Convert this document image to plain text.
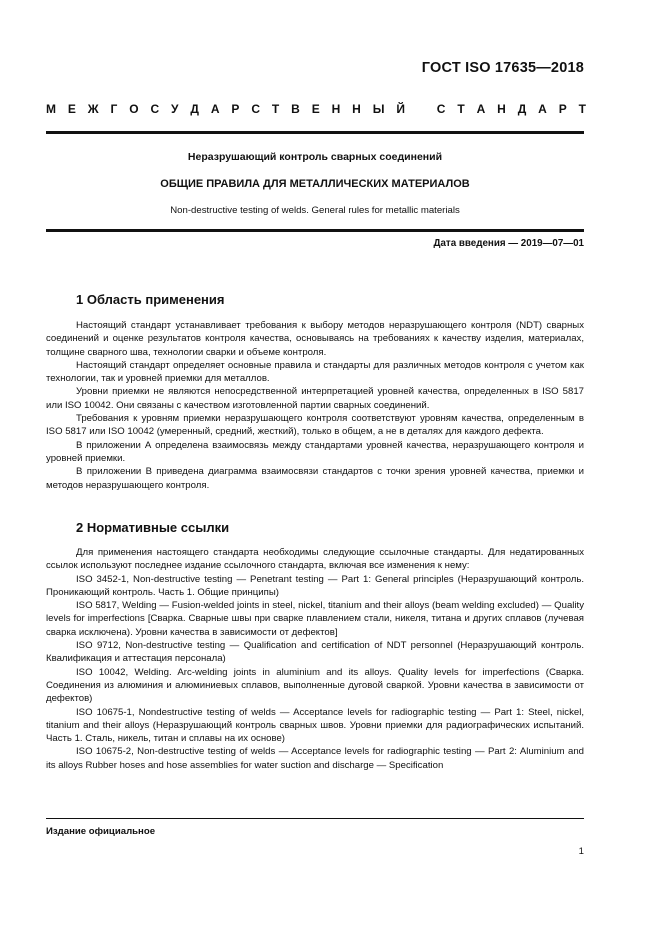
ГОСТ ISO 17635—2018
М Е Ж Г О С У Д А Р С Т В Е Н Н Ы Й	С Т А Н Д А Р Т
Неразрушающий контроль сварных соединений
ОБЩИЕ ПРАВИЛА ДЛЯ МЕТАЛЛИЧЕСКИХ МАТЕРИАЛОВ
Non-destructive testing of welds. General rules for metallic materials
Дата введения — 2019—07—01
1 Область применения

Настоящий стандарт устанавливает требования к выбору методов неразрушающего контроля (NDT) сварных соединений и оценке результатов контроля качества, основываясь на требованиях к качеству изделия, материалах, толщине сварного шва, технологии сварки и объеме контроля.

Настоящий стандарт определяет основные правила и стандарты для различных методов контроля с учетом как технологии, так и уровней приемки для металлов.

Уровни приемки не являются непосредственной интерпретацией уровней качества, определенных в ISO 5817 или ISO 10042. Они связаны с качеством изготовленной партии сварных соединений.

Требования к уровням приемки неразрушающего контроля соответствуют уровням качества, определенным в ISO 5817 или ISO 10042 (умеренный, средний, жесткий), только в общем, а не в деталях для каждого дефекта.

В приложении А определена взаимосвязь между стандартами уровней качества, неразрушающего контроля и уровней приемки.

В приложении В приведена диаграмма взаимосвязи стандартов с точки зрения уровней качества, приемки и методов неразрушающего контроля.

2 Нормативные ссылки

Для применения настоящего стандарта необходимы следующие ссылочные стандарты. Для недатированных ссылок используют последнее издание ссылочного стандарта, включая все изменения к нему:

ISO 3452-1, Non-destructive testing — Penetrant testing — Part 1: General principles (Неразрушающий контроль. Проникающий контроль. Часть 1. Общие принципы)

ISO 5817, Welding — Fusion-welded joints in steel, nickel, titanium and their alloys (beam welding excluded) — Quality levels for imperfections [Сварка. Сварные швы при сварке плавлением стали, никеля, титана и других сплавов (лучевая сварка исключена). Уровни качества в зависимости от дефектов]

ISO 9712, Non-destructive testing — Qualification and certification of NDT personnel (Неразрушающий контроль. Квалификация и аттестация персонала)

ISO 10042, Welding. Arc-welding joints in aluminium and its alloys. Quality levels for imperfections (Сварка. Соединения из алюминия и алюминиевых сплавов, выполненные дуговой сваркой. Уровни качества в зависимости от дефектов)

ISO 10675-1, Nondestructive testing of welds — Acceptance levels for radiographic testing — Part 1: Steel, nickel, titanium and their alloys (Неразрушающий контроль сварных швов. Уровни приемки для радиографических испытаний. Часть 1. Сталь, никель, титан и сплавы на их основе)

ISO 10675-2, Non-destructive testing of welds — Acceptance levels for radiographic testing — Part 2: Aluminium and its alloys Rubber hoses and hose assemblies for water suction and discharge — Specification

Издание официальное
1
